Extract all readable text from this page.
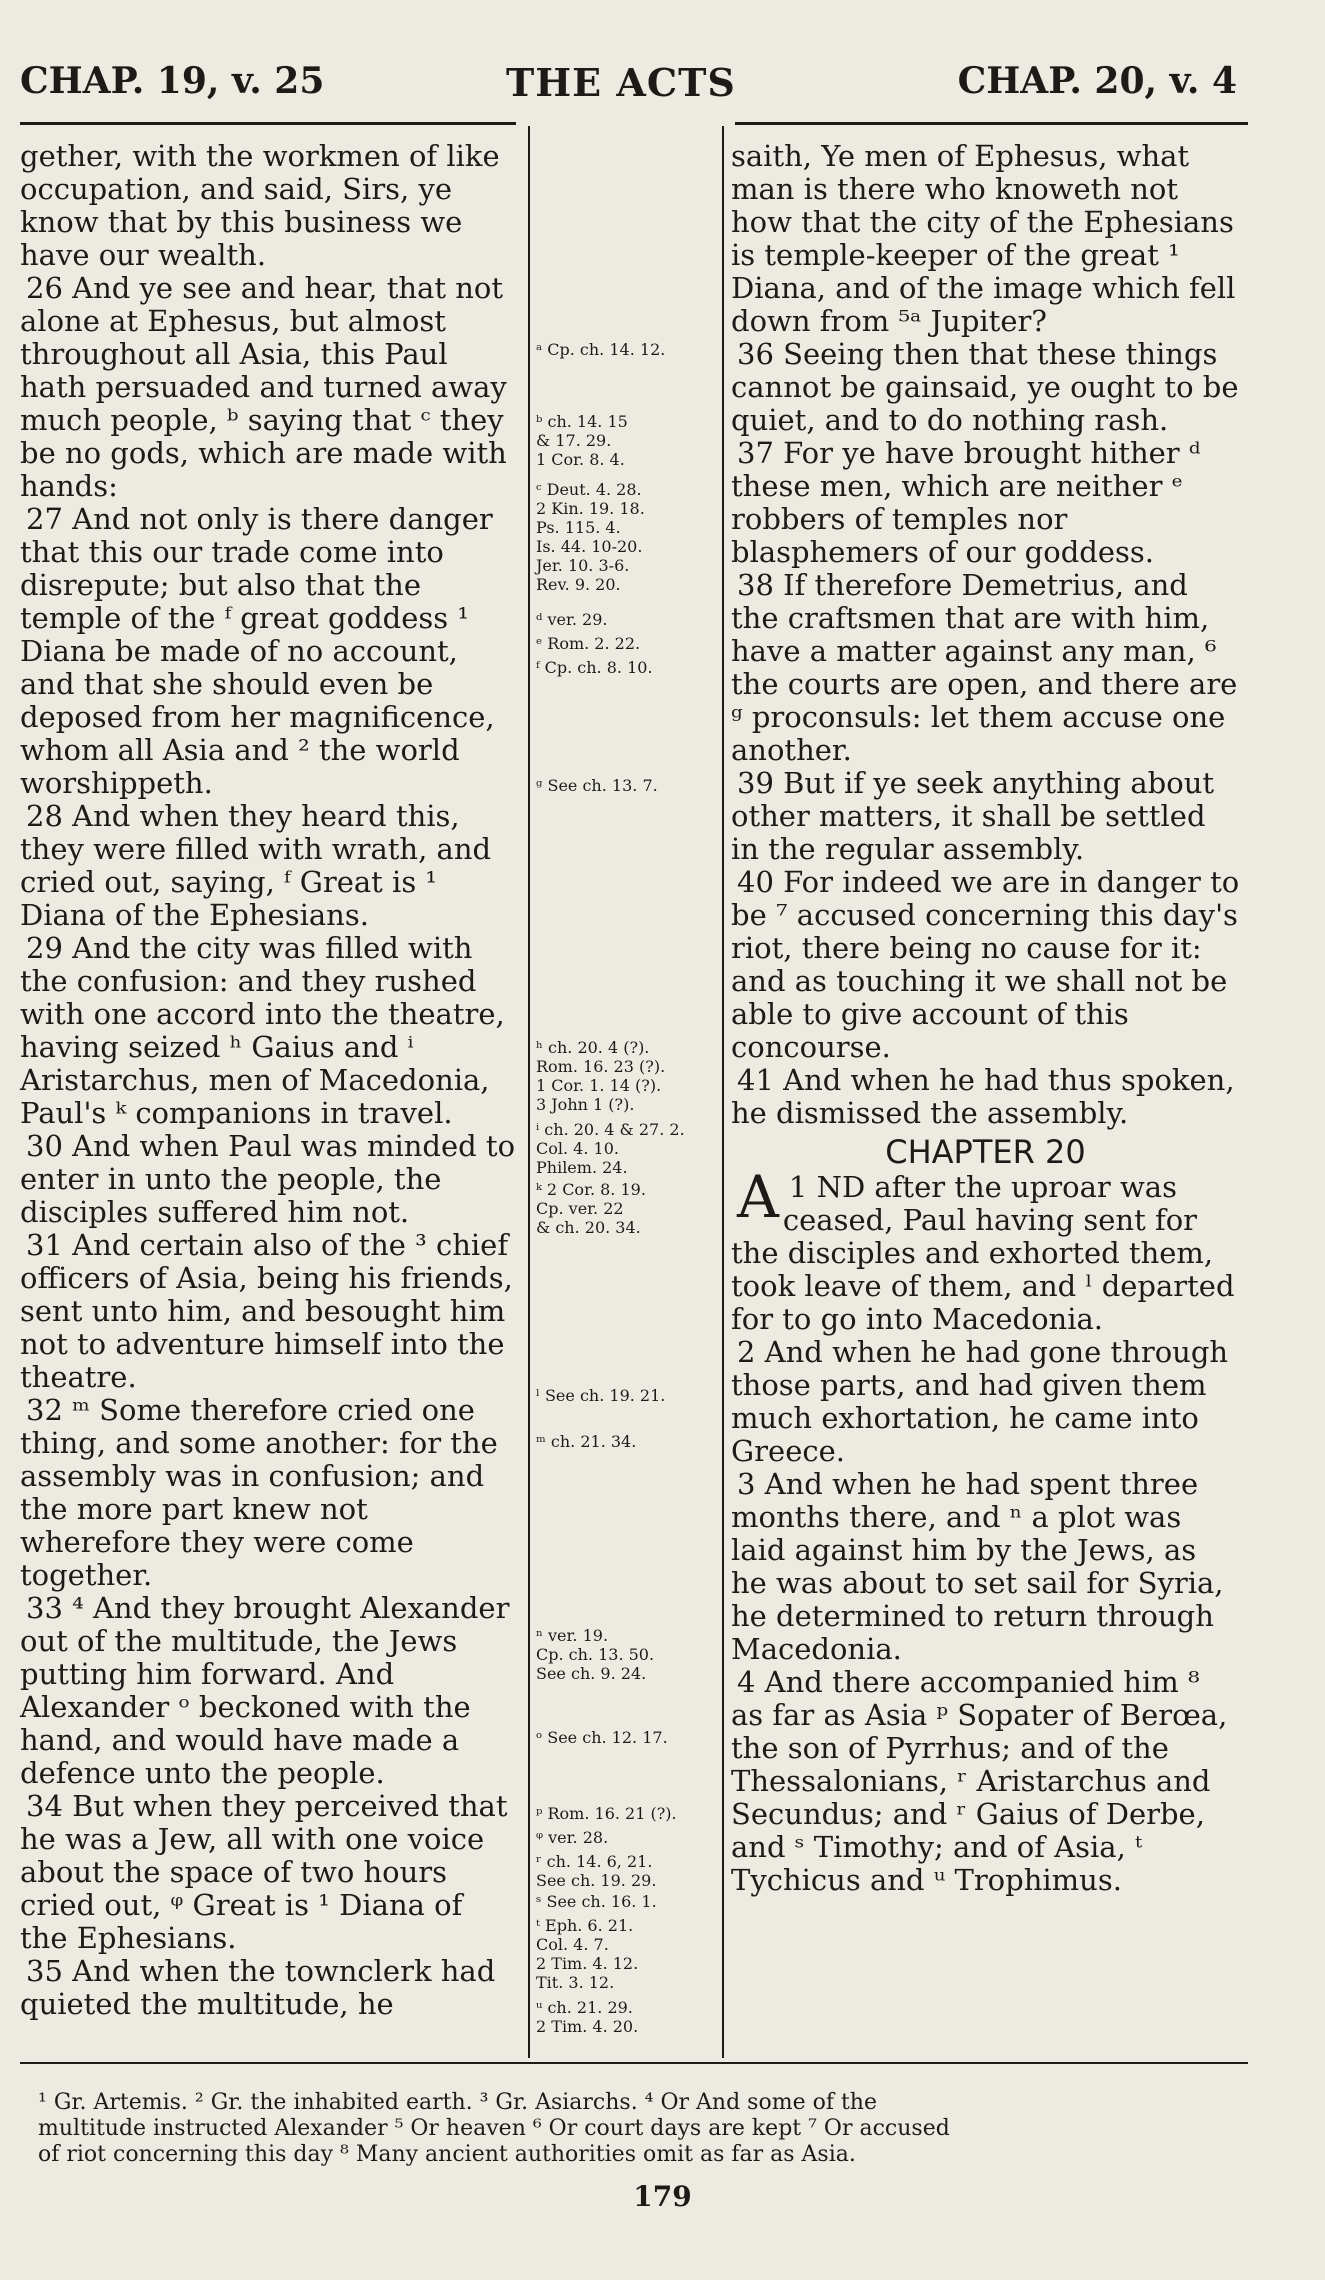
CHAP. 19, v. 25	THE ACTS	CHAP. 20, v. 4

gether, with the workmen of like occupation, and said, Sirs, ye know that by this business we have our wealth.

26 And ye see and hear, that not alone at Ephesus, but almost throughout all Asia, this Paul hath persuaded and turned away much people, ᵇ saying that ᶜ they be no gods, which are made with hands:

27 And not only is there danger that this our trade come into disrepute; but also that the temple of the ᶠ great goddess ¹ Diana be made of no account, and that she should even be deposed from her magnificence, whom all Asia and ² the world worshippeth.

28 And when they heard this, they were filled with wrath, and cried out, saying, ᶠ Great is ¹ Diana of the Ephesians.

29 And the city was filled with the confusion: and they rushed with one accord into the theatre, having seized ʰ Gaius and ⁱ Aristarchus, men of Macedonia, Paul's ᵏ companions in travel.

30 And when Paul was minded to enter in unto the people, the disciples suffered him not.

31 And certain also of the ³ chief officers of Asia, being his friends, sent unto him, and besought him not to adventure himself into the theatre.

32 ᵐ Some therefore cried one thing, and some another: for the assembly was in confusion; and the more part knew not wherefore they were come together.

33 ⁴ And they brought Alexander out of the multitude, the Jews putting him forward. And Alexander ᵒ beckoned with the hand, and would have made a defence unto the people.

34 But when they perceived that he was a Jew, all with one voice about the space of two hours cried out, ᵠ Great is ¹ Diana of the Ephesians.

35 And when the townclerk had quieted the multitude, he

ᵃ Cp. ch. 14. 12.
ᵇ ch. 14. 15
& 17. 29.
1 Cor. 8. 4.
ᶜ Deut. 4. 28.
2 Kin. 19. 18.
Ps. 115. 4.
Is. 44. 10-20.
Jer. 10. 3-6.
Rev. 9. 20.
ᵈ ver. 29.
ᵉ Rom. 2. 22.
ᶠ Cp. ch. 8. 10.
ᵍ See ch. 13. 7.
ʰ ch. 20. 4 (?).
Rom. 16. 23 (?).
1 Cor. 1. 14 (?).
3 John 1 (?).
ⁱ ch. 20. 4 & 27. 2.
Col. 4. 10.
Philem. 24.
ᵏ 2 Cor. 8. 19.
Cp. ver. 22
& ch. 20. 34.
ˡ See ch. 19. 21.
ᵐ ch. 21. 34.
ⁿ ver. 19.
Cp. ch. 13. 50.
See ch. 9. 24.
ᵒ See ch. 12. 17.
ᵖ Rom. 16. 21 (?).
ᵠ ver. 28.
ʳ ch. 14. 6, 21.
See ch. 19. 29.
ˢ See ch. 16. 1.
ᵗ Eph. 6. 21.
Col. 4. 7.
2 Tim. 4. 12.
Tit. 3. 12.
ᵘ ch. 21. 29.
2 Tim. 4. 20.

saith, Ye men of Ephesus, what man is there who knoweth not how that the city of the Ephesians is temple-keeper of the great ¹ Diana, and of the image which fell down from ⁵ᵃ Jupiter?

36 Seeing then that these things cannot be gainsaid, ye ought to be quiet, and to do nothing rash.

37 For ye have brought hither ᵈ these men, which are neither ᵉ robbers of temples nor blasphemers of our goddess.

38 If therefore Demetrius, and the craftsmen that are with him, have a matter against any man, ⁶ the courts are open, and there are ᵍ proconsuls: let them accuse one another.

39 But if ye seek anything about other matters, it shall be settled in the regular assembly.

40 For indeed we are in danger to be ⁷ accused concerning this day's riot, there being no cause for it: and as touching it we shall not be able to give account of this concourse.

41 And when he had thus spoken, he dismissed the assembly.

CHAPTER 20

1
A ND after the uproar was ceased, Paul having sent for the disciples and exhorted them, took leave of them, and ˡ departed for to go into Macedonia.

2 And when he had gone through those parts, and had given them much exhortation, he came into Greece.

3 And when he had spent three months there, and ⁿ a plot was laid against him by the Jews, as he was about to set sail for Syria, he determined to return through Macedonia.

4 And there accompanied him ⁸ as far as Asia ᵖ Sopater of Berœa, the son of Pyrrhus; and of the Thessalonians, ʳ Aristarchus and Secundus; and ʳ Gaius of Derbe, and ˢ Timothy; and of Asia, ᵗ Tychicus and ᵘ Trophimus.

¹ Gr. Artemis. ² Gr. the inhabited earth. ³ Gr. Asiarchs. ⁴ Or And some of the
multitude instructed Alexander ⁵ Or heaven ⁶ Or court days are kept ⁷ Or accused
of riot concerning this day ⁸ Many ancient authorities omit as far as Asia.
179
